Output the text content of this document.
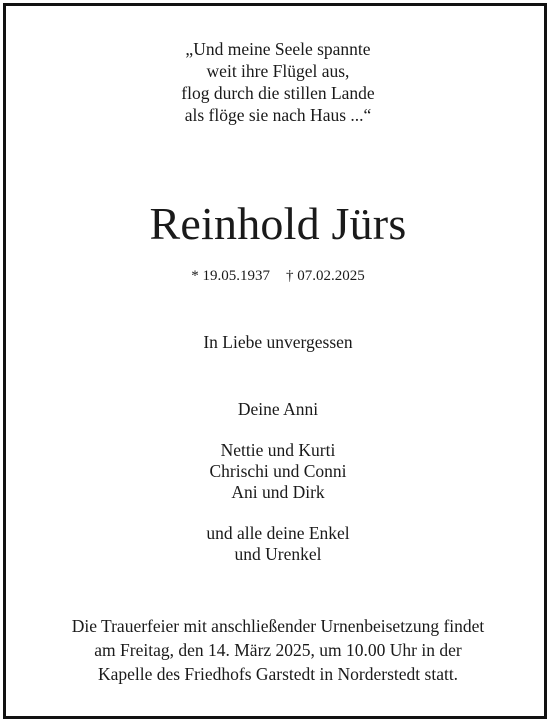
„Und meine Seele spannte
weit ihre Flügel aus,
flog durch die stillen Lande
als flöge sie nach Haus ...“
Reinhold Jürs
* 19.05.1937 † 07.02.2025
In Liebe unvergessen
Deine Anni
Nettie und Kurti
Chrischi und Conni
Ani und Dirk
und alle deine Enkel
und Urenkel
Die Trauerfeier mit anschließender Urnenbeisetzung findet
am Freitag, den 14. März 2025, um 10.00 Uhr in der
Kapelle des Friedhofs Garstedt in Norderstedt statt.
